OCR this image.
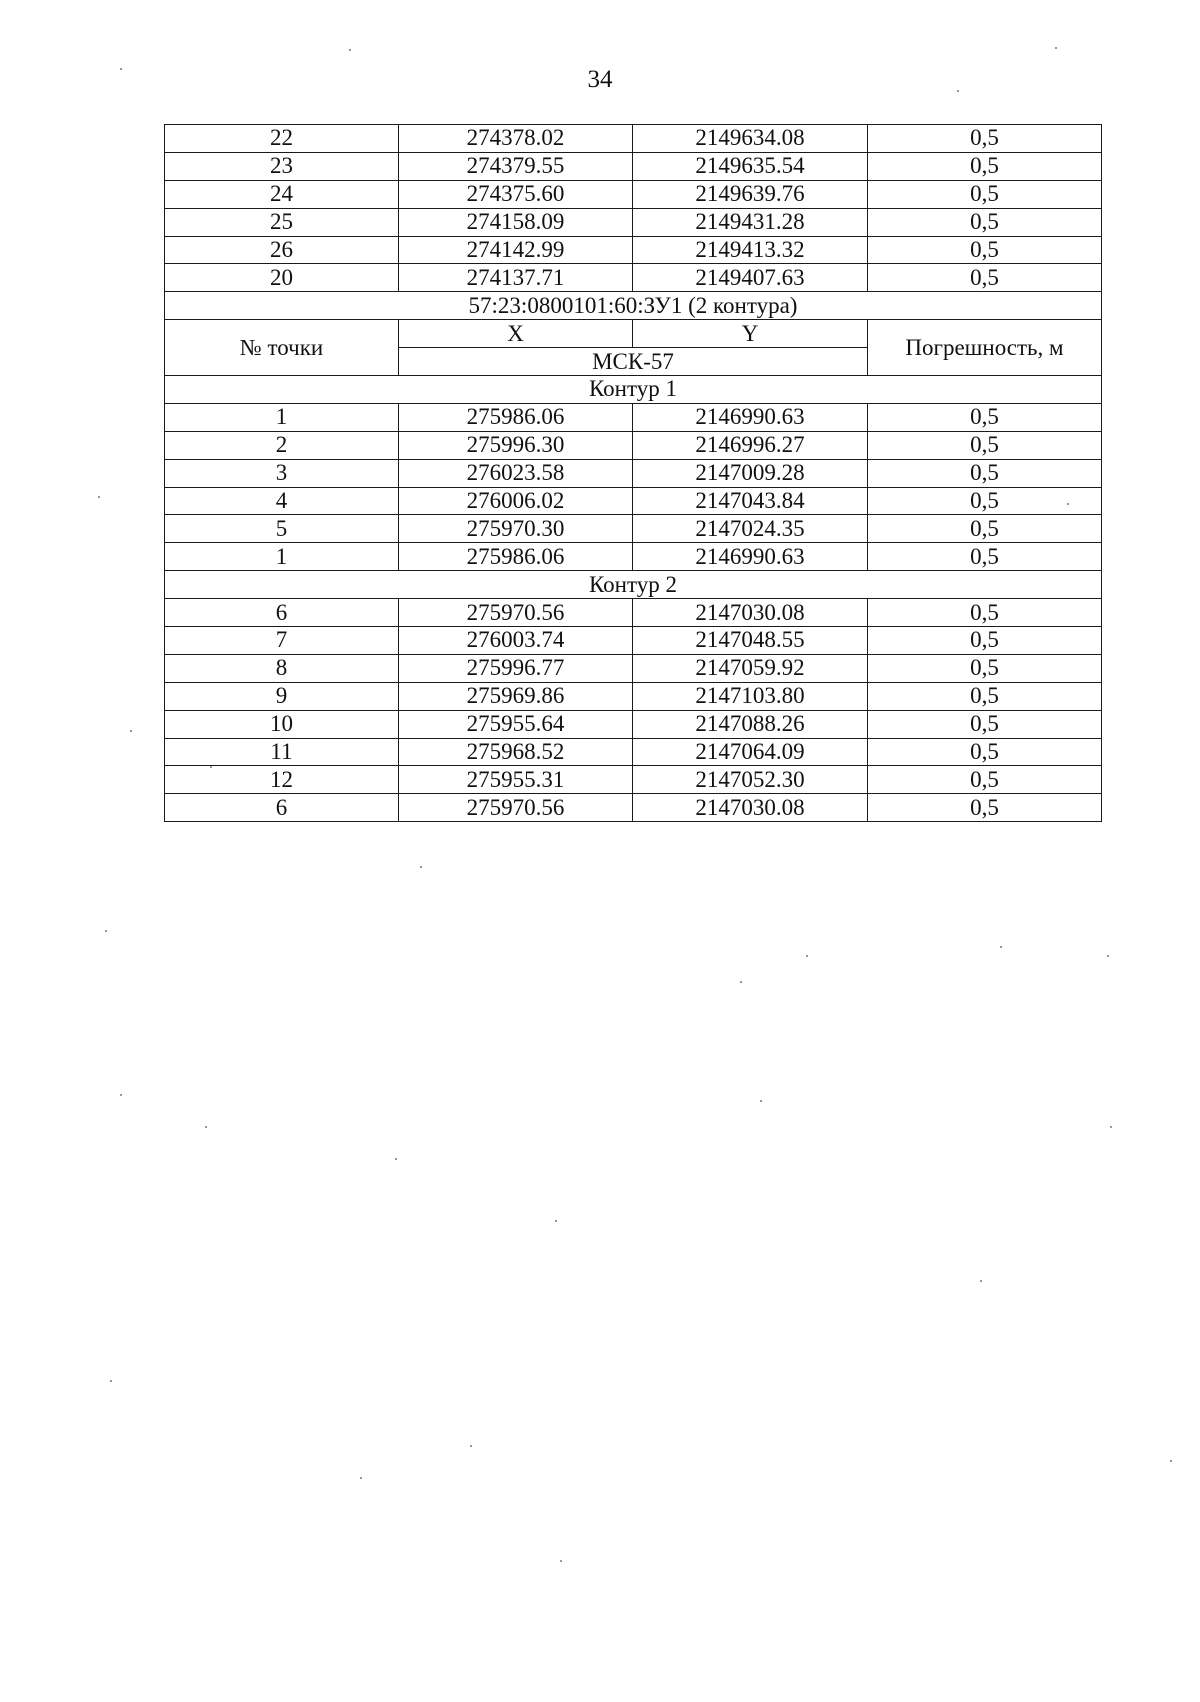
34
22	274378.02	2149634.08	0,5
23	274379.55	2149635.54	0,5
24	274375.60	2149639.76	0,5
25	274158.09	2149431.28	0,5
26	274142.99	2149413.32	0,5
20	274137.71	2149407.63	0,5
57:23:0800101:60:ЗУ1 (2 контура)			
№ точки	X	Y	Погрешность, м
	МСК-57		
Контур 1			
1	275986.06	2146990.63	0,5
2	275996.30	2146996.27	0,5
3	276023.58	2147009.28	0,5
4	276006.02	2147043.84	0,5
5	275970.30	2147024.35	0,5
1	275986.06	2146990.63	0,5
Контур 2			
6	275970.56	2147030.08	0,5
7	276003.74	2147048.55	0,5
8	275996.77	2147059.92	0,5
9	275969.86	2147103.80	0,5
10	275955.64	2147088.26	0,5
11	275968.52	2147064.09	0,5
12	275955.31	2147052.30	0,5
6	275970.56	2147030.08	0,5
